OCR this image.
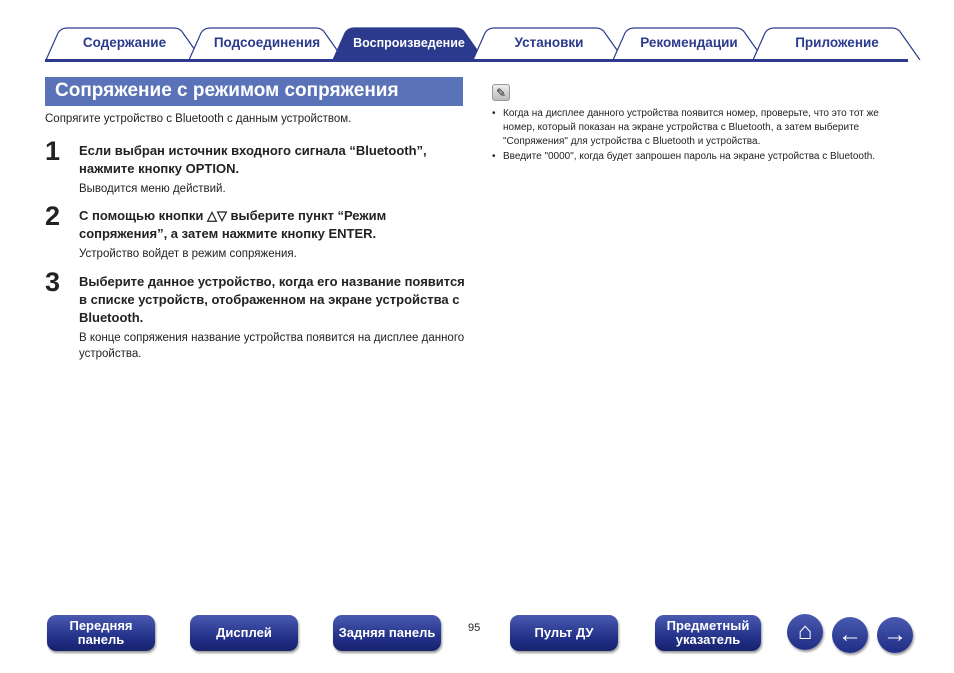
Содержание	Подсоединения	Воспроизведение	Установки	Рекомендации	Приложение
Сопряжение с режимом сопряжения
Сопрягите устройство с Bluetooth с данным устройством.
1 Если выбран источник входного сигнала “Bluetooth”, нажмите кнопку OPTION.
Выводится меню действий.
2 С помощью кнопки △▽ выберите пункт “Режим сопряжения”, а затем нажмите кнопку ENTER.
Устройство войдет в режим сопряжения.
3 Выберите данное устройство, когда его название появится в списке устройств, отображенном на экране устройства с Bluetooth.
В конце сопряжения название устройства появится на дисплее данного устройства.
✎
• Когда на дисплее данного устройства появится номер, проверьте, что это тот же номер, который показан на экране устройства с Bluetooth, а затем выберите "Сопряжения" для устройства с Bluetooth и устройства.
• Введите "0000", когда будет запрошен пароль на экране устройства с Bluetooth.
Передняя панель	Дисплей	Задняя панель	95	Пульт ДУ	Предметный указатель	⌂ ← →
